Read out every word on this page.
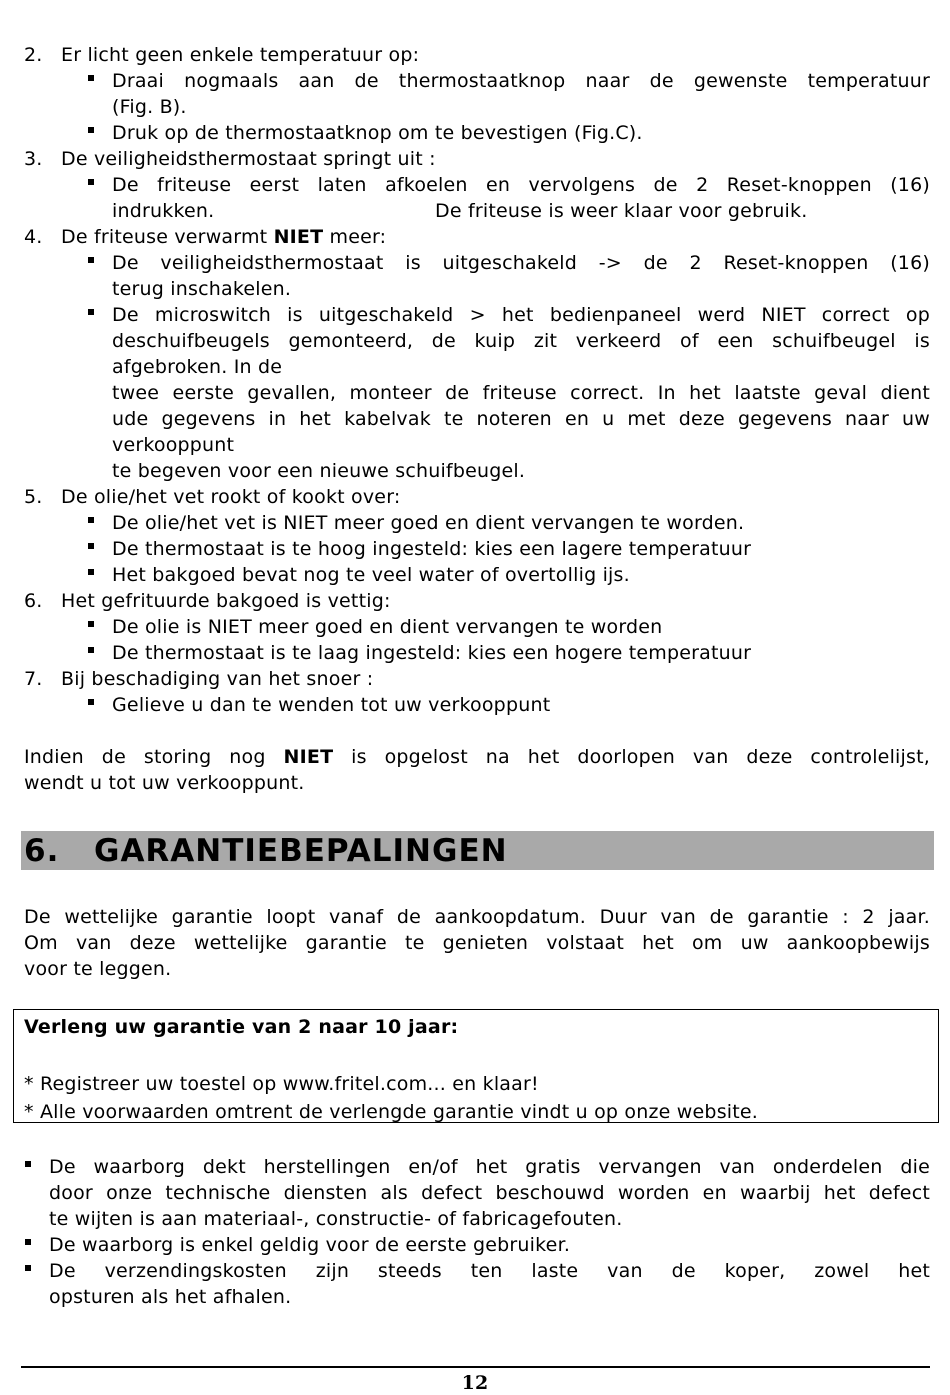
2. Er licht geen enkele temperatuur op:
Draai nogmaals aan de thermostaatknop naar de gewenste temperatuur
(Fig. B).
Druk op de thermostaatknop om te bevestigen (Fig.C).
3. De veiligheidsthermostaat springt uit :
De friteuse eerst laten afkoelen en vervolgens de 2 Reset-knoppen (16)
indrukken.	De friteuse is weer klaar voor gebruik.
4. De friteuse verwarmt NIET meer:
De veiligheidsthermostaat is uitgeschakeld -> de 2 Reset-knoppen (16)
terug inschakelen.
De microswitch is uitgeschakeld > het bedienpaneel werd NIET correct op
deschuifbeugels gemonteerd, de kuip zit verkeerd of een schuifbeugel is
afgebroken. In de
twee eerste gevallen, monteer de friteuse correct. In het laatste geval dient
ude gegevens in het kabelvak te noteren en u met deze gegevens naar uw
verkooppunt
te begeven voor een nieuwe schuifbeugel.
5. De olie/het vet rookt of kookt over:
De olie/het vet is NIET meer goed en dient vervangen te worden.
De thermostaat is te hoog ingesteld: kies een lagere temperatuur
Het bakgoed bevat nog te veel water of overtollig ijs.
6. Het gefrituurde bakgoed is vettig:
De olie is NIET meer goed en dient vervangen te worden
De thermostaat is te laag ingesteld: kies een hogere temperatuur
7. Bij beschadiging van het snoer :
Gelieve u dan te wenden tot uw verkooppunt
Indien de storing nog NIET is opgelost na het doorlopen van deze controlelijst,
wendt u tot uw verkooppunt.
6. GARANTIEBEPALINGEN
De wettelijke garantie loopt vanaf de aankoopdatum. Duur van de garantie : 2 jaar.
Om van deze wettelijke garantie te genieten volstaat het om uw aankoopbewijs
voor te leggen.
Verleng uw garantie van 2 naar 10 jaar:
* Registreer uw toestel op www.fritel.com... en klaar!
* Alle voorwaarden omtrent de verlengde garantie vindt u op onze website.
De waarborg dekt herstellingen en/of het gratis vervangen van onderdelen die
door onze technische diensten als defect beschouwd worden en waarbij het defect
te wijten is aan materiaal-, constructie- of fabricagefouten.
De waarborg is enkel geldig voor de eerste gebruiker.
De verzendingskosten zijn steeds ten laste van de koper, zowel het
opsturen als het afhalen.
12
